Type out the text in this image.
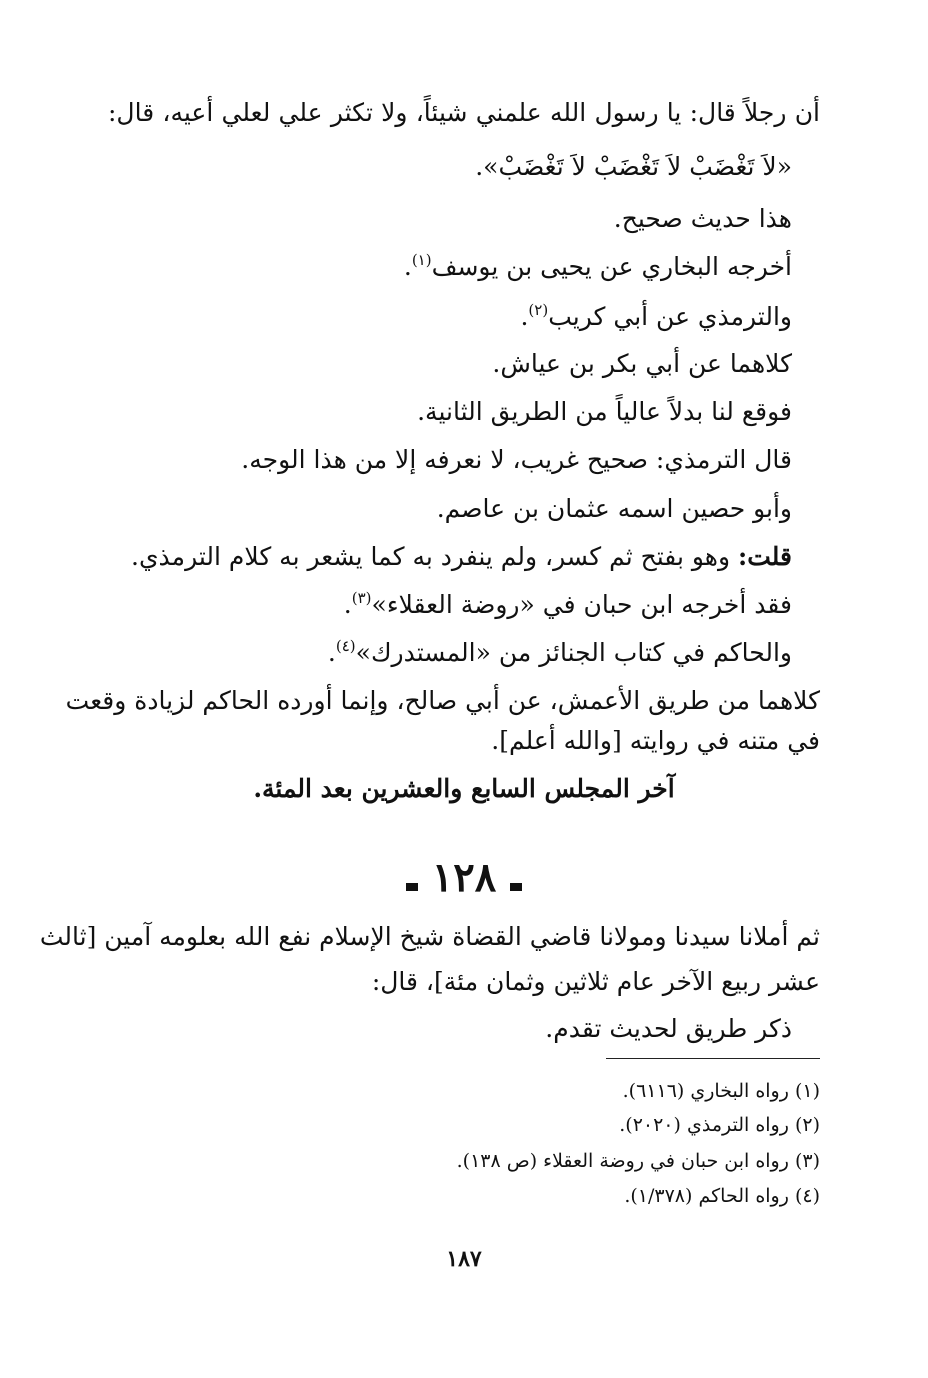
أن رجلاً قال: يا رسول الله علمني شيئاً، ولا تكثر علي لعلي أعيه، قال:
«لاَ تَغْضَبْ لاَ تَغْضَبْ لاَ تَغْضَبْ».
هذا حديث صحيح.
أخرجه البخاري عن يحيى بن يوسف$^{(١)}$.
والترمذي عن أبي كريب$^{(٢)}$.
كلاهما عن أبي بكر بن عياش.
فوقع لنا بدلاً عالياً من الطريق الثانية.
قال الترمذي: صحيح غريب، لا نعرفه إلا من هذا الوجه.
وأبو حصين اسمه عثمان بن عاصم.
قلت: وهو بفتح ثم كسر، ولم ينفرد به كما يشعر به كلام الترمذي.
فقد أخرجه ابن حبان في «روضة العقلاء»$^{(٣)}$.
والحاكم في كتاب الجنائز من «المستدرك»$^{(٤)}$.
كلاهما من طريق الأعمش، عن أبي صالح، وإنما أورده الحاكم لزيادة وقعت
في متنه في روايته [والله أعلم].
آخر المجلس السابع والعشرين بعد المئة.
١٢٨
ثم أملانا سيدنا ومولانا قاضي القضاة شيخ الإسلام نفع الله بعلومه آمين [ثالث
عشر ربيع الآخر عام ثلاثين وثمان مئة]، قال:
ذكر طريق لحديث تقدم.
(١) رواه البخاري (٦١١٦).
(٢) رواه الترمذي (٢٠٢٠).
(٣) رواه ابن حبان في روضة العقلاء (ص ١٣٨).
(٤) رواه الحاكم (١/٣٧٨).
١٨٧
